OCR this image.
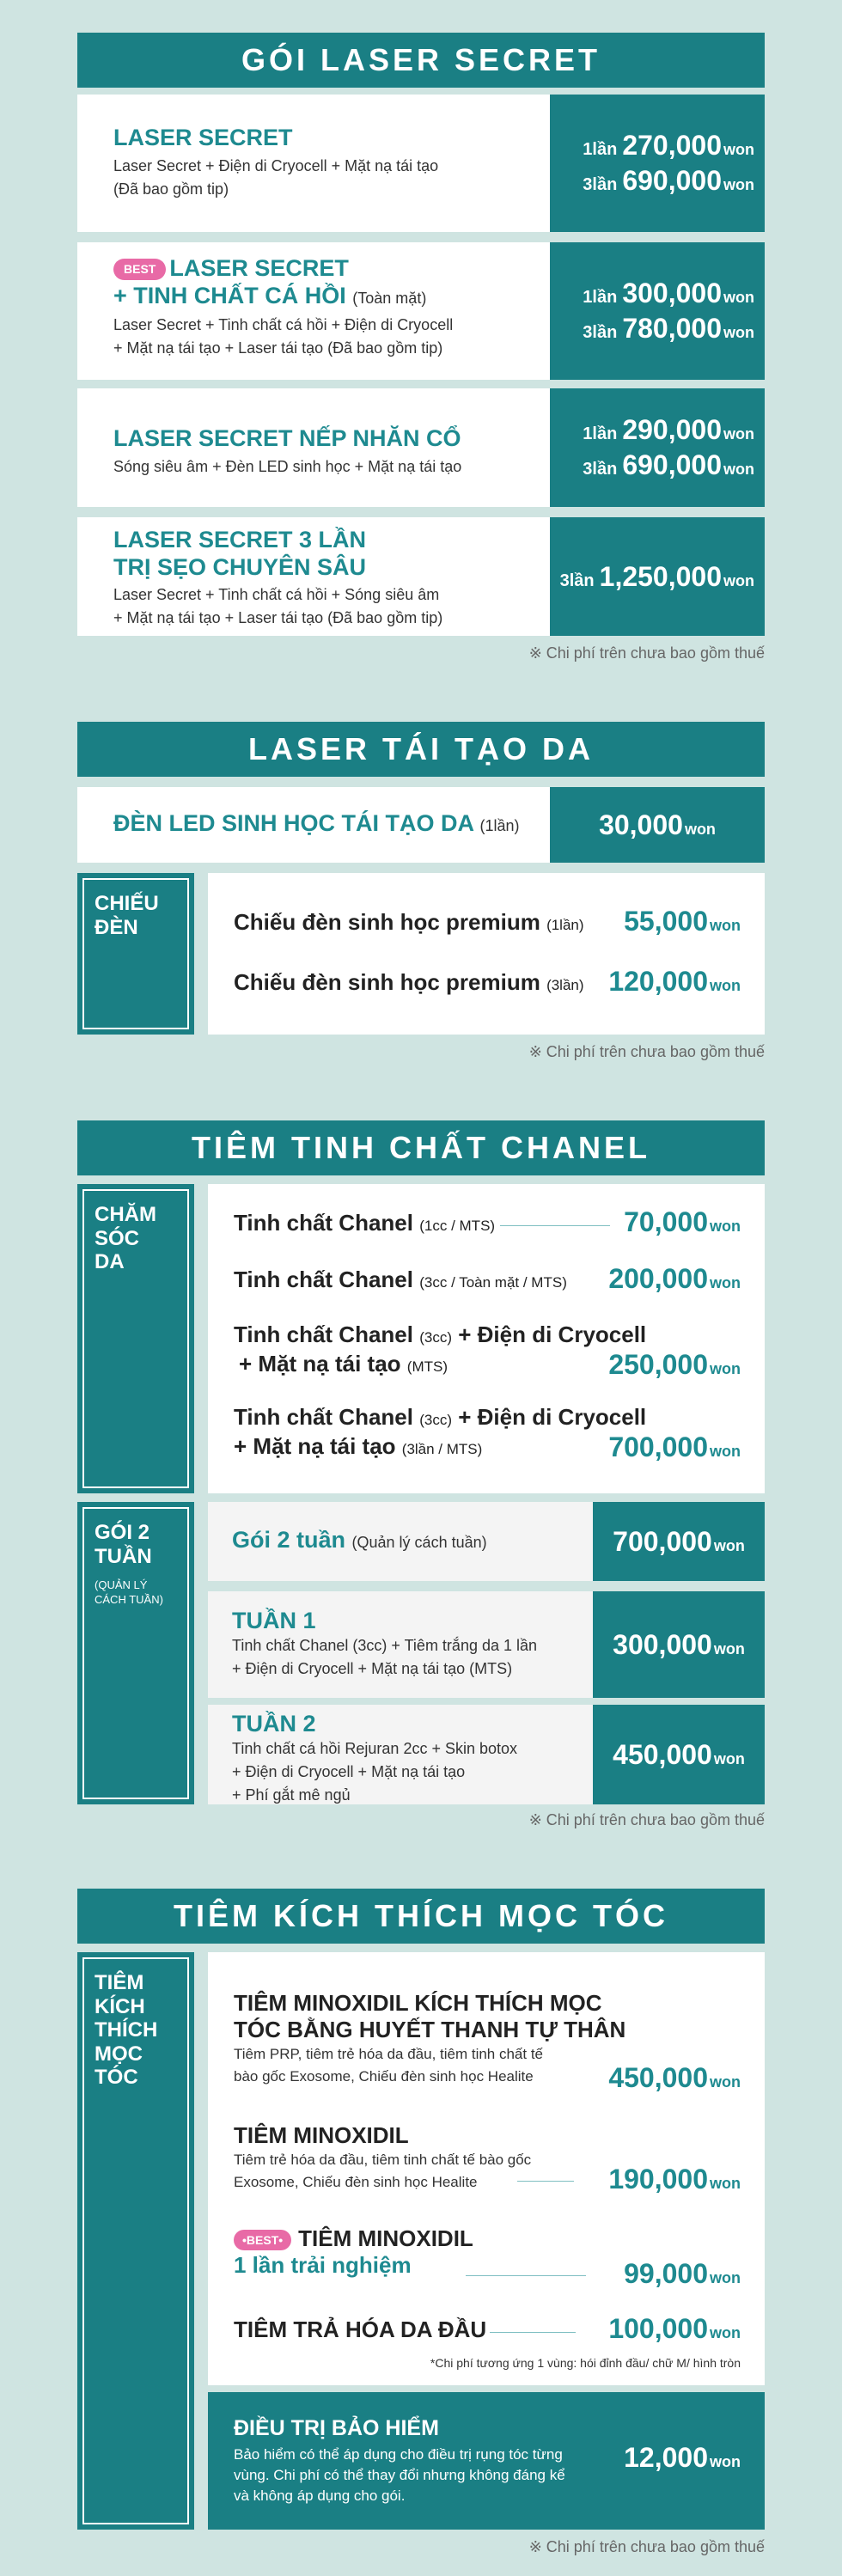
GÓI LASER SECRET
LASER SECRET
Laser Secret + Điện di Cryocell + Mặt nạ tái tạo
(Đã bao gồm tip)
1lần 270,000 won
3lần 690,000 won
BEST LASER SECRET
+ TINH CHẤT CÁ HỒI (Toàn mặt)
Laser Secret + Tinh chất cá hồi + Điện di Cryocell
+ Mặt nạ tái tạo + Laser tái tạo (Đã bao gồm tip)
1lần 300,000 won
3lần 780,000 won
LASER SECRET NẾP NHĂN CỔ
Sóng siêu âm + Đèn LED sinh học + Mặt nạ tái tạo
1lần 290,000 won
3lần 690,000 won
LASER SECRET 3 LẦN
TRỊ SẸO CHUYÊN SÂU
Laser Secret + Tinh chất cá hồi + Sóng siêu âm
+ Mặt nạ tái tạo + Laser tái tạo (Đã bao gồm tip)
3lần 1,250,000 won
※ Chi phí trên chưa bao gồm thuế
LASER TÁI TẠO DA
ĐÈN LED SINH HỌC TÁI TẠO DA (1lần)	30,000 won
CHIẾU ĐÈN	Chiếu đèn sinh học premium (1lần) 55,000 won
Chiếu đèn sinh học premium (3lần) 120,000 won
※ Chi phí trên chưa bao gồm thuế
TIÊM TINH CHẤT CHANEL
CHĂM SÓC DA
Tinh chất Chanel (1cc / MTS)	70,000 won
Tinh chất Chanel (3cc / Toàn mặt / MTS) 200,000 won
Tinh chất Chanel (3cc) + Điện di Cryocell
+ Mặt nạ tái tạo (MTS)	250,000 won
Tinh chất Chanel (3cc) + Điện di Cryocell
+ Mặt nạ tái tạo (3lần / MTS)	700,000 won
GÓI 2 TUẦN
(QUẢN LÝ CÁCH TUẦN)
Gói 2 tuần (Quản lý cách tuần)	700,000 won
TUẦN 1
Tinh chất Chanel (3cc) + Tiêm trắng da 1 lần
+ Điện di Cryocell + Mặt nạ tái tạo (MTS)
300,000 won
TUẦN 2
Tinh chất cá hồi Rejuran 2cc + Skin botox
+ Điện di Cryocell + Mặt nạ tái tạo
+ Phí gắt mê ngủ
450,000 won
※ Chi phí trên chưa bao gồm thuế
TIÊM KÍCH THÍCH MỌC TÓC
TIÊM KÍCH THÍCH MỌC TÓC
TIÊM MINOXIDIL KÍCH THÍCH MỌC
TÓC BẰNG HUYẾT THANH TỰ THÂN
Tiêm PRP, tiêm trẻ hóa da đầu, tiêm tinh chất tế
bào gốc Exosome, Chiếu đèn sinh học Healite	450,000 won
TIÊM MINOXIDIL
Tiêm trẻ hóa da đầu, tiêm tinh chất tế bào gốc
Exosome, Chiếu đèn sinh học Healite	190,000 won
•BEST• TIÊM MINOXIDIL
1 lần trải nghiệm	99,000 won
TIÊM TRẢ HÓA DA ĐẦU	100,000 won
*Chi phí tương ứng 1 vùng: hói đỉnh đầu/ chữ M/ hình tròn
ĐIỀU TRỊ BẢO HIỂM
Bảo hiểm có thể áp dụng cho điều trị rụng tóc từng
vùng. Chi phí có thể thay đổi nhưng không đáng kể
và không áp dụng cho gói.
12,000 won
※ Chi phí trên chưa bao gồm thuế
